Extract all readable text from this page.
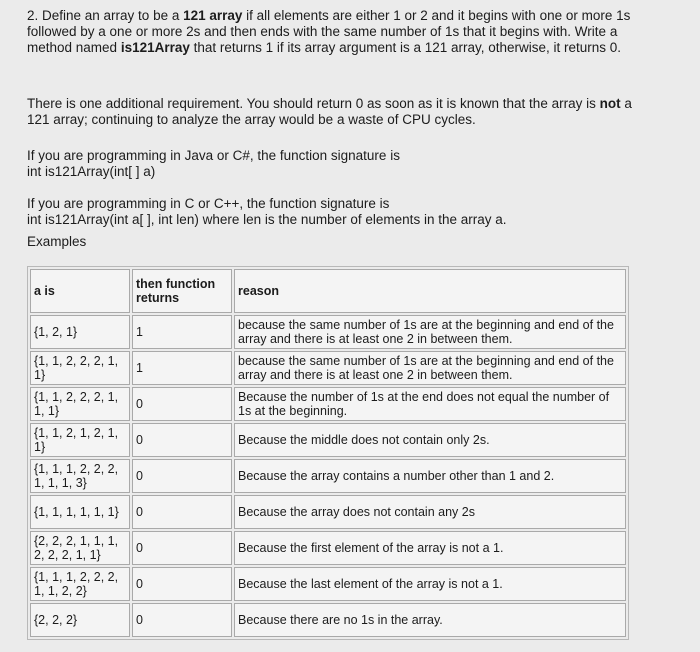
2. Define an array to be a 121 array if all elements are either 1 or 2 and it begins with one or more 1s followed by a one or more 2s and then ends with the same number of 1s that it begins with. Write a method named is121Array that returns 1 if its array argument is a 121 array, otherwise, it returns 0.

There is one additional requirement. You should return 0 as soon as it is known that the array is not a 121 array; continuing to analyze the array would be a waste of CPU cycles.

If you are programming in Java or C#, the function signature is
int is121Array(int[ ] a)

If you are programming in C or C++, the function signature is
int is121Array(int a[ ], int len) where len is the number of elements in the array a.

Examples
a is	then function returns	reason
{1, 2, 1}	1	because the same number of 1s are at the beginning and end of the array and there is at least one 2 in between them.
{1, 1, 2, 2, 2, 1, 1}	1	because the same number of 1s are at the beginning and end of the array and there is at least one 2 in between them.
{1, 1, 2, 2, 2, 1, 1, 1}	0	Because the number of 1s at the end does not equal the number of 1s at the beginning.
{1, 1, 2, 1, 2, 1, 1}	0	Because the middle does not contain only 2s.
{1, 1, 1, 2, 2, 2, 1, 1, 1, 3}	0	Because the array contains a number other than 1 and 2.
{1, 1, 1, 1, 1, 1}	0	Because the array does not contain any 2s
{2, 2, 2, 1, 1, 1, 2, 2, 2, 1, 1}	0	Because the first element of the array is not a 1.
{1, 1, 1, 2, 2, 2, 1, 1, 2, 2}	0	Because the last element of the array is not a 1.
{2, 2, 2}	0	Because there are no 1s in the array.
